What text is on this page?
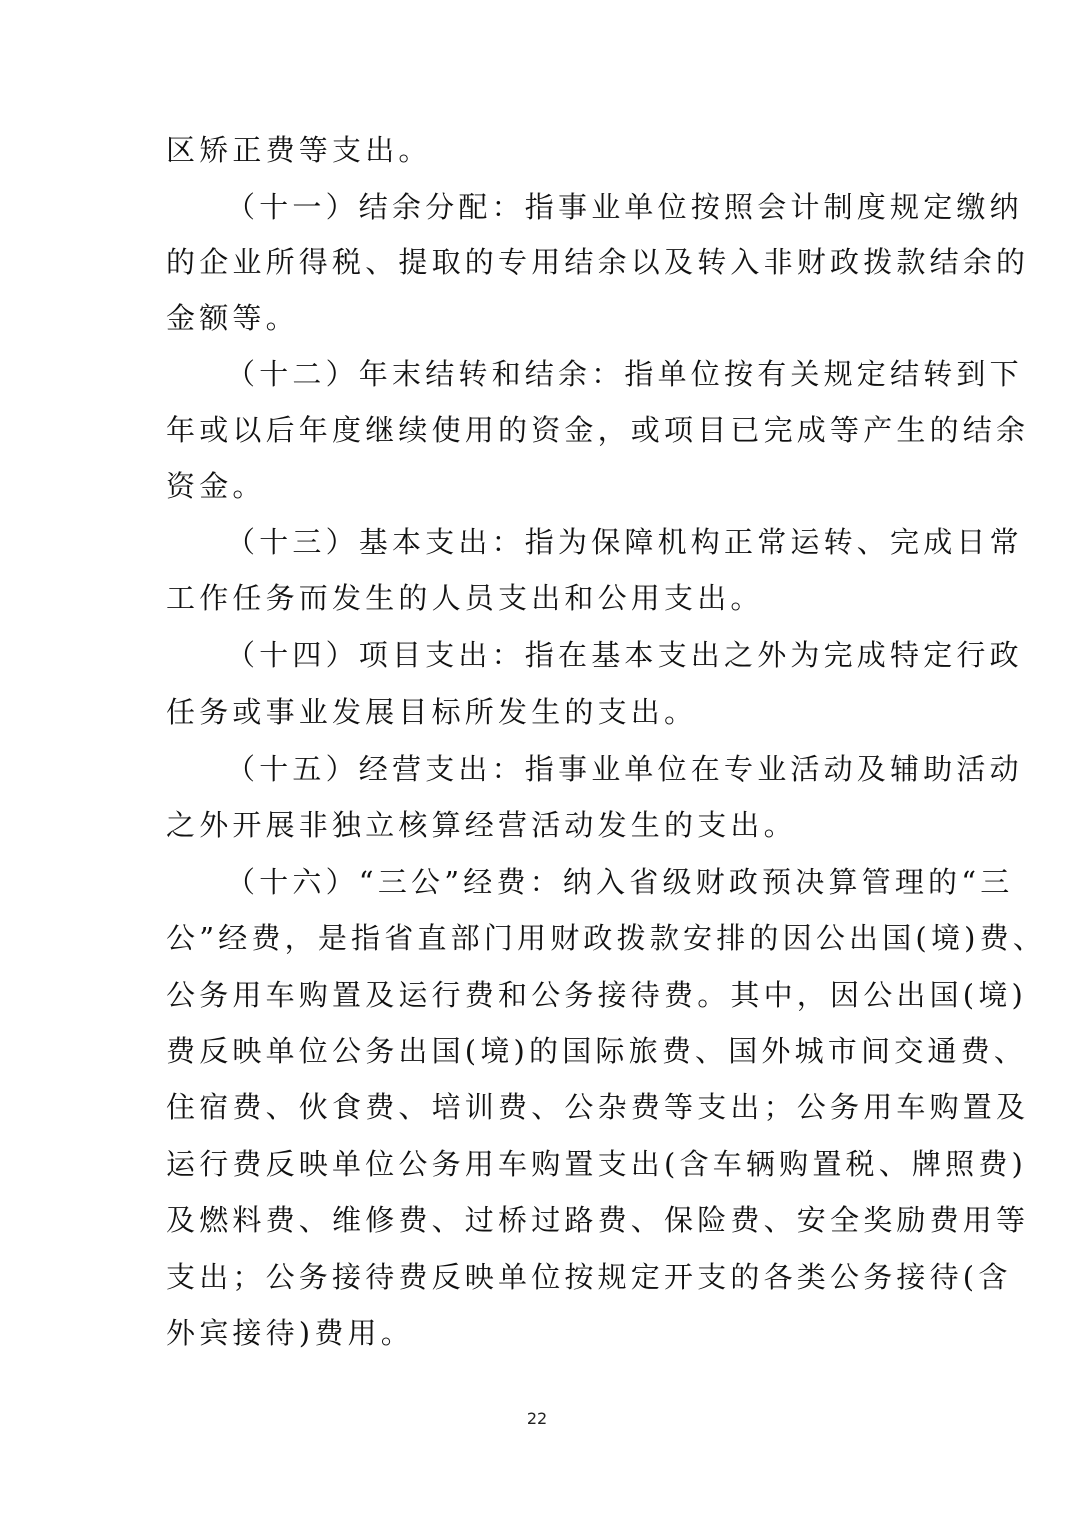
区矫正费等支出。
（十一）结余分配：指事业单位按照会计制度规定缴纳
的企业所得税、提取的专用结余以及转入非财政拨款结余的
金额等。
（十二）年末结转和结余：指单位按有关规定结转到下
年或以后年度继续使用的资金，或项目已完成等产生的结余
资金。
（十三）基本支出：指为保障机构正常运转、完成日常
工作任务而发生的人员支出和公用支出。
（十四）项目支出：指在基本支出之外为完成特定行政
任务或事业发展目标所发生的支出。
（十五）经营支出：指事业单位在专业活动及辅助活动
之外开展非独立核算经营活动发生的支出。
（十六）“三公”经费：纳入省级财政预决算管理的“三
公”经费，是指省直部门用财政拨款安排的因公出国(境)费、
公务用车购置及运行费和公务接待费。其中，因公出国(境)
费反映单位公务出国(境)的国际旅费、国外城市间交通费、
住宿费、伙食费、培训费、公杂费等支出；公务用车购置及
运行费反映单位公务用车购置支出(含车辆购置税、牌照费)
及燃料费、维修费、过桥过路费、保险费、安全奖励费用等
支出；公务接待费反映单位按规定开支的各类公务接待(含
外宾接待)费用。
22
